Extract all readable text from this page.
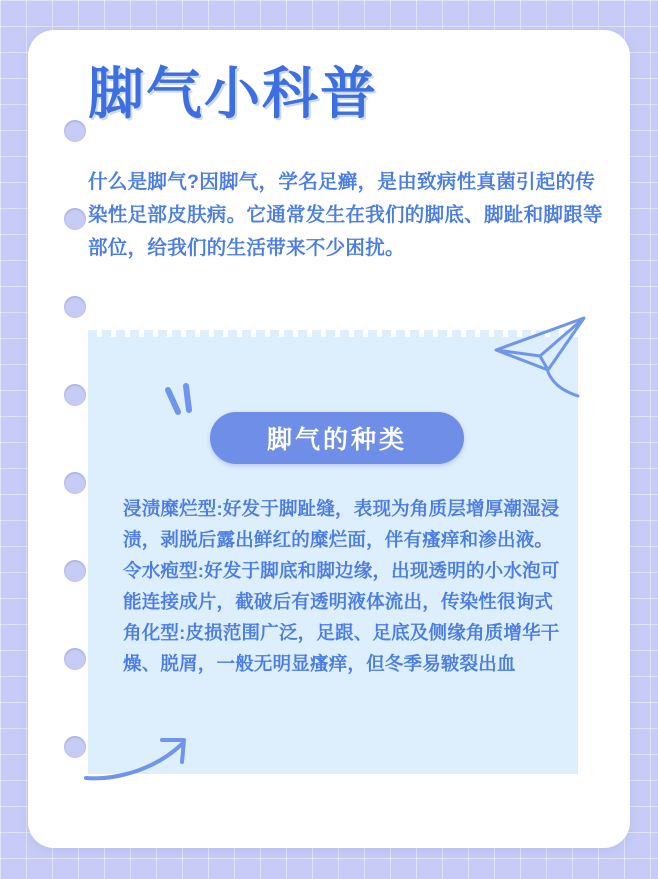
脚气小科普
什么是脚气?因脚气，学名足癣，是由致病性真菌引起的传染性足部皮肤病。它通常发生在我们的脚底、脚趾和脚跟等部位，给我们的生活带来不少困扰。
脚气的种类
浸渍糜烂型:好发于脚趾缝，表现为角质层增厚潮湿浸渍，剥脱后露出鲜红的糜烂面，伴有瘙痒和渗出液。令水疱型:好发于脚底和脚边缘，出现透明的小水泡可能连接成片，截破后有透明液体流出，传染性很询式角化型:皮损范围广泛，足跟、足底及侧缘角质增华干燥、脱屑，一般无明显瘙痒，但冬季易皲裂出血
